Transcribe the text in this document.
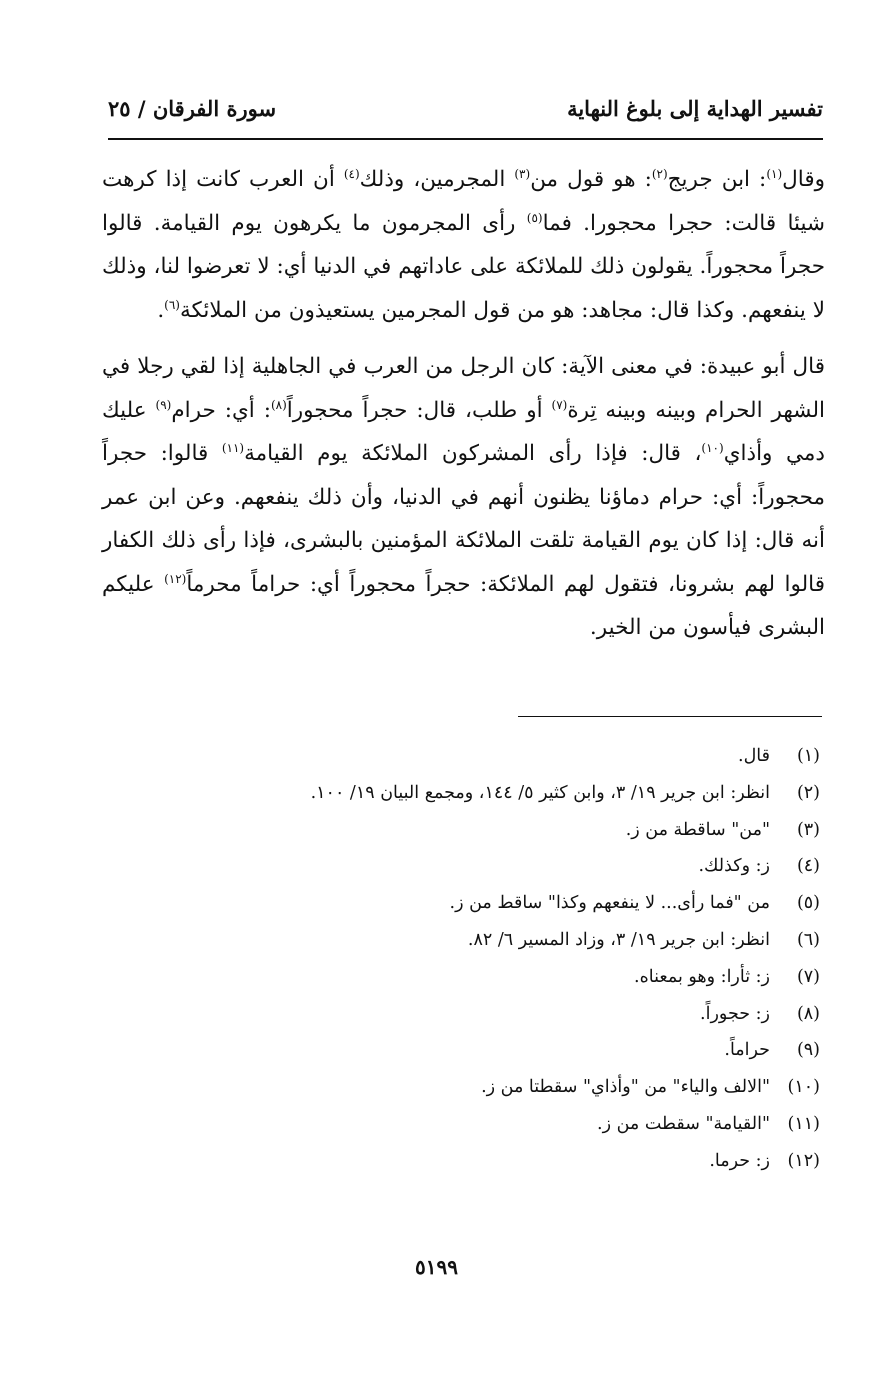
تفسير الهداية إلى بلوغ النهاية
سورة الفرقان / ٢٥

وقال$^{(١)}$: ابن جريج$^{(٢)}$: هو قول من$^{(٣)}$ المجرمين، وذلك$^{(٤)}$ أن العرب كانت إذا كرهت شيئا قالت: حجرا محجورا. فما$^{(٥)}$ رأى المجرمون ما يكرهون يوم القيامة. قالوا حجراً محجوراً. يقولون ذلك للملائكة على عاداتهم في الدنيا أي: لا تعرضوا لنا، وذلك لا ينفعهم. وكذا قال: مجاهد: هو من قول المجرمين يستعيذون من الملائكة$^{(٦)}$.

قال أبو عبيدة: في معنى الآية: كان الرجل من العرب في الجاهلية إذا لقي رجلا في الشهر الحرام وبينه وبينه تِرة$^{(٧)}$ أو طلب، قال: حجراً محجوراً$^{(٨)}$: أي: حرام$^{(٩)}$ عليك دمي وأذاي$^{(١٠)}$، قال: فإذا رأى المشركون الملائكة يوم القيامة$^{(١١)}$ قالوا: حجراً محجوراً: أي: حرام دماؤنا يظنون أنهم في الدنيا، وأن ذلك ينفعهم. وعن ابن عمر أنه قال: إذا كان يوم القيامة تلقت الملائكة المؤمنين بالبشرى، فإذا رأى ذلك الكفار قالوا لهم بشرونا، فتقول لهم الملائكة: حجراً محجوراً أي: حراماً محرماً$^{(١٢)}$ عليكم البشرى فيأسون من الخير.

(١)
قال.
(٢)
انظر: ابن جرير ١٩/ ٣، وابن كثير ٥/ ١٤٤، ومجمع البيان ١٩/ ١٠٠.
(٣)
"من" ساقطة من ز.
(٤)
ز: وكذلك.
(٥)
من "فما رأى... لا ينفعهم وكذا" ساقط من ز.
(٦)
انظر: ابن جرير ١٩/ ٣، وزاد المسير ٦/ ٨٢.
(٧)
ز: ثأرا: وهو بمعناه.
(٨)
ز: حجوراً.
(٩)
حراماً.
(١٠)
"الالف والياء" من "وأذاي" سقطتا من ز.
(١١)
"القيامة" سقطت من ز.
(١٢)
ز: حرما.
٥١٩٩
